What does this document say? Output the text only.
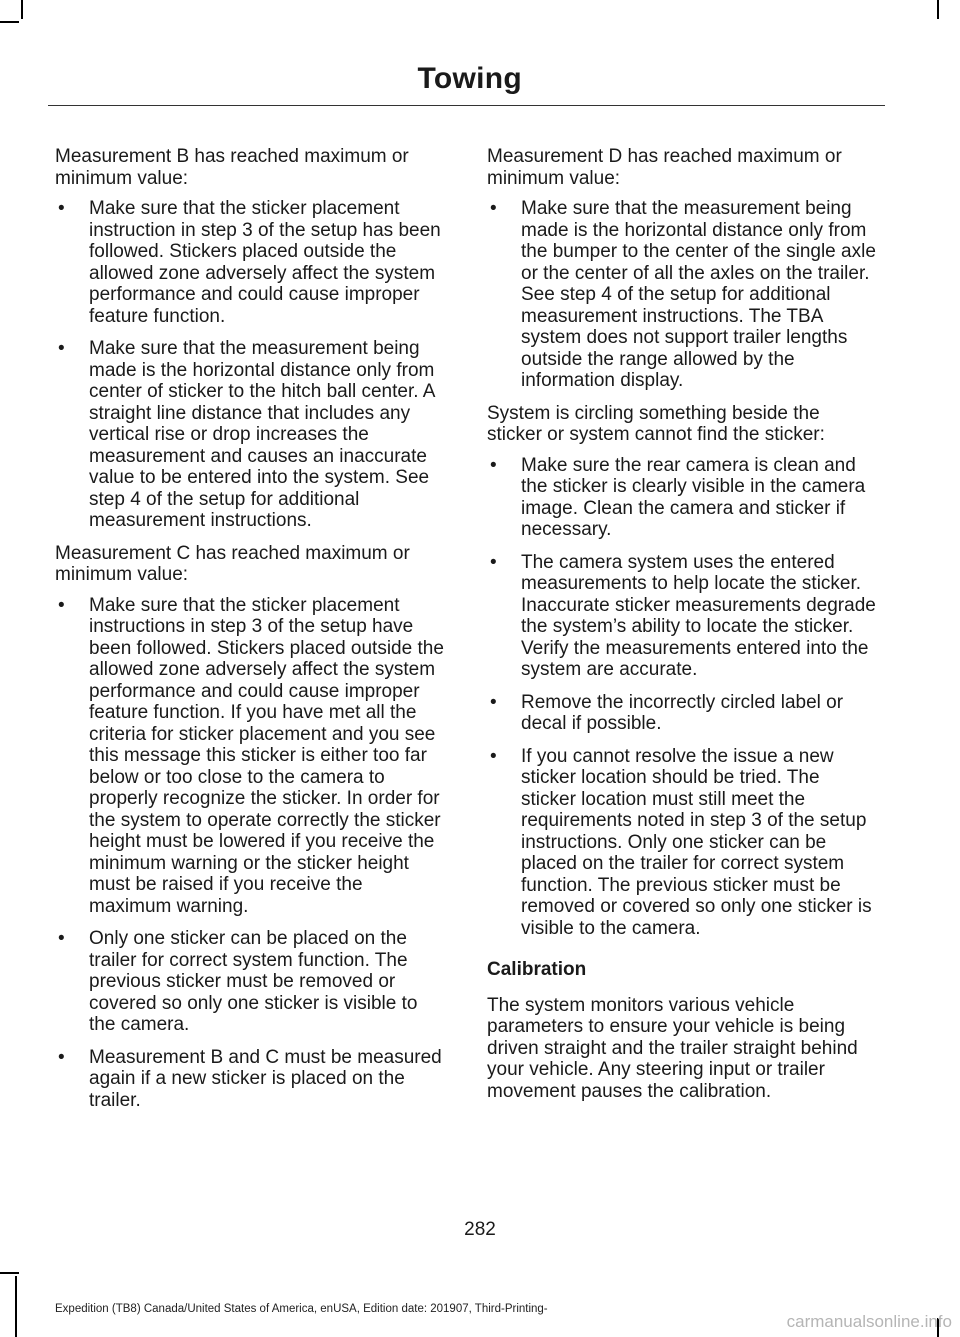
Towing

Measurement B has reached maximum or minimum value:

• Make sure that the sticker placement instruction in step 3 of the setup has been followed. Stickers placed outside the allowed zone adversely affect the system performance and could cause improper feature function.
• Make sure that the measurement being made is the horizontal distance only from center of sticker to the hitch ball center. A straight line distance that includes any vertical rise or drop increases the measurement and causes an inaccurate value to be entered into the system. See step 4 of the setup for additional measurement instructions.

Measurement C has reached maximum or minimum value:

• Make sure that the sticker placement instructions in step 3 of the setup have been followed. Stickers placed outside the allowed zone adversely affect the system performance and could cause improper feature function. If you have met all the criteria for sticker placement and you see this message this sticker is either too far below or too close to the camera to properly recognize the sticker. In order for the system to operate correctly the sticker height must be lowered if you receive the minimum warning or the sticker height must be raised if you receive the maximum warning.
• Only one sticker can be placed on the trailer for correct system function. The previous sticker must be removed or covered so only one sticker is visible to the camera.
• Measurement B and C must be measured again if a new sticker is placed on the trailer.

Measurement D has reached maximum or minimum value:

• Make sure that the measurement being made is the horizontal distance only from the bumper to the center of the single axle or the center of all the axles on the trailer. See step 4 of the setup for additional measurement instructions. The TBA system does not support trailer lengths outside the range allowed by the information display.

System is circling something beside the sticker or system cannot find the sticker:

• Make sure the rear camera is clean and the sticker is clearly visible in the camera image. Clean the camera and sticker if necessary.
• The camera system uses the entered measurements to help locate the sticker. Inaccurate sticker measurements degrade the system’s ability to locate the sticker. Verify the measurements entered into the system are accurate.
• Remove the incorrectly circled label or decal if possible.
• If you cannot resolve the issue a new sticker location should be tried. The sticker location must still meet the requirements noted in step 3 of the setup instructions. Only one sticker can be placed on the trailer for correct system function. The previous sticker must be removed or covered so only one sticker is visible to the camera.
Calibration

The system monitors various vehicle parameters to ensure your vehicle is being driven straight and the trailer straight behind your vehicle. Any steering input or trailer movement pauses the calibration.

282
Expedition (TB8) Canada/United States of America, enUSA, Edition date: 201907, Third-Printing-
carmanualsonline.info
